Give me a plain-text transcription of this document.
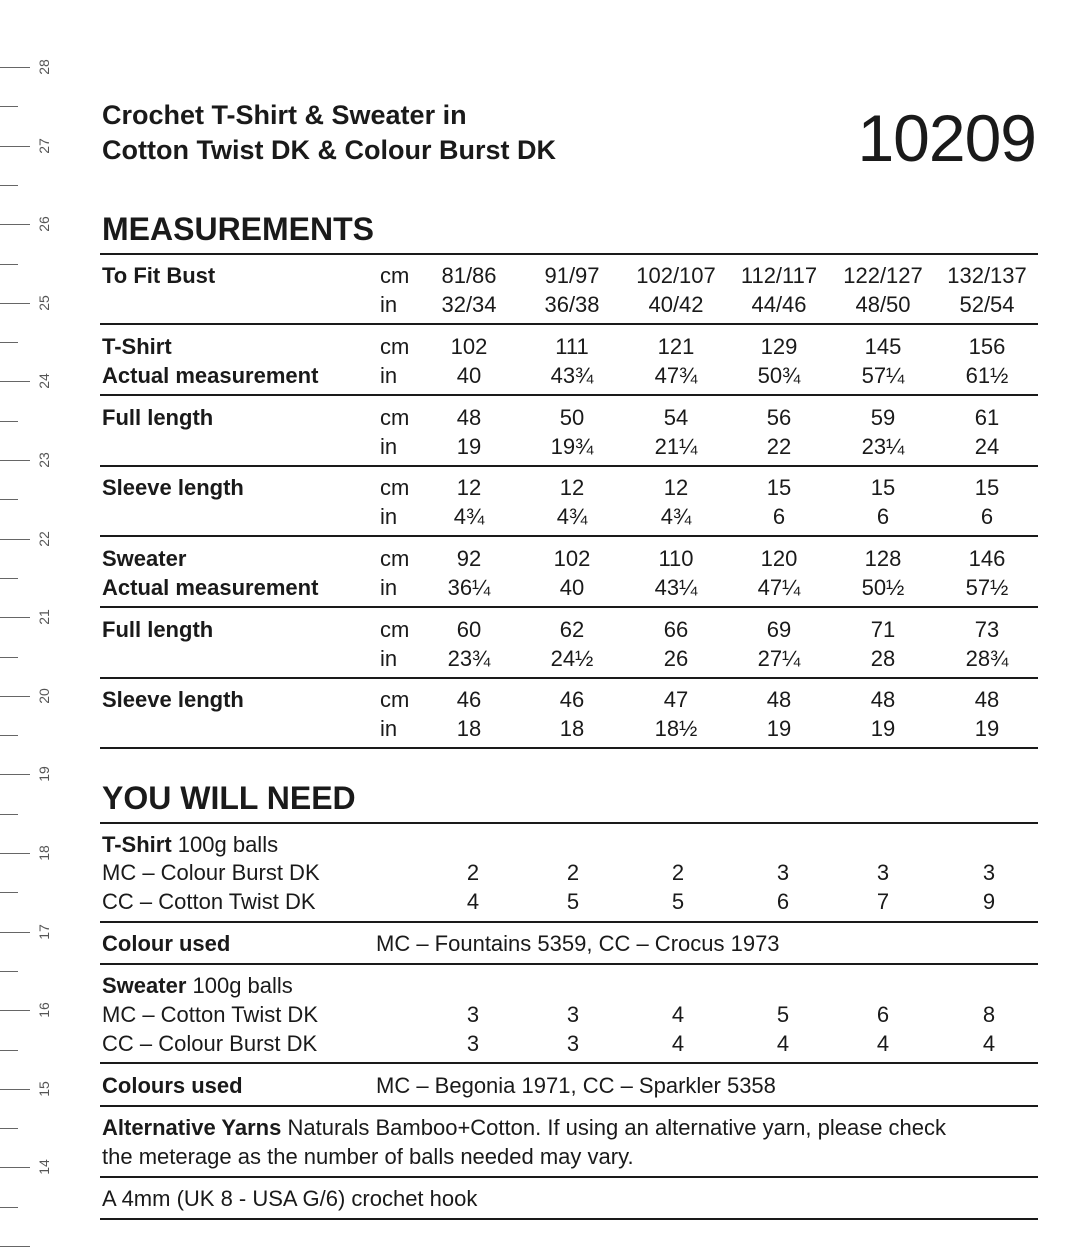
28
27
26
25
24
23
22
21
20
19
18
17
16
15
14
Crochet T-Shirt & Sweater in
Cotton Twist DK & Colour Burst DK	10209
MEASUREMENTS
To Fit Bust	cm	81/86	91/97	102/107	112/117	122/127	132/137
in	32/34	36/38	40/42	44/46	48/50	52/54
T-Shirt	cm	102	111	121	129	145	156
Actual measurement	in	40	43¾	47¾	50¾	57¼	61½
Full length	cm	48	50	54	56	59	61
in	19	19¾	21¼	22	23¼	24
Sleeve length	cm	12	12	12	15	15	15
in	4¾	4¾	4¾	6	6	6
Sweater	cm	92	102	110	120	128	146
Actual measurement	in	36¼	40	43¼	47¼	50½	57½
Full length	cm	60	62	66	69	71	73
in	23¾	24½	26	27¼	28	28¾
Sleeve length	cm	46	46	47	48	48	48
in	18	18	18½	19	19	19
YOU WILL NEED
T-Shirt 100g balls
MC – Colour Burst DK	2	2	2	3	3	3
CC – Cotton Twist DK	4	5	5	6	7	9
Colour used	MC – Fountains 5359, CC – Crocus 1973
Sweater 100g balls
MC – Cotton Twist DK	3	3	4	5	6	8
CC – Colour Burst DK	3	3	4	4	4	4
Colours used	MC – Begonia 1971, CC – Sparkler 5358
Alternative Yarns Naturals Bamboo+Cotton. If using an alternative yarn, please check
the meterage as the number of balls needed may vary.
A 4mm (UK 8 - USA G/6) crochet hook
